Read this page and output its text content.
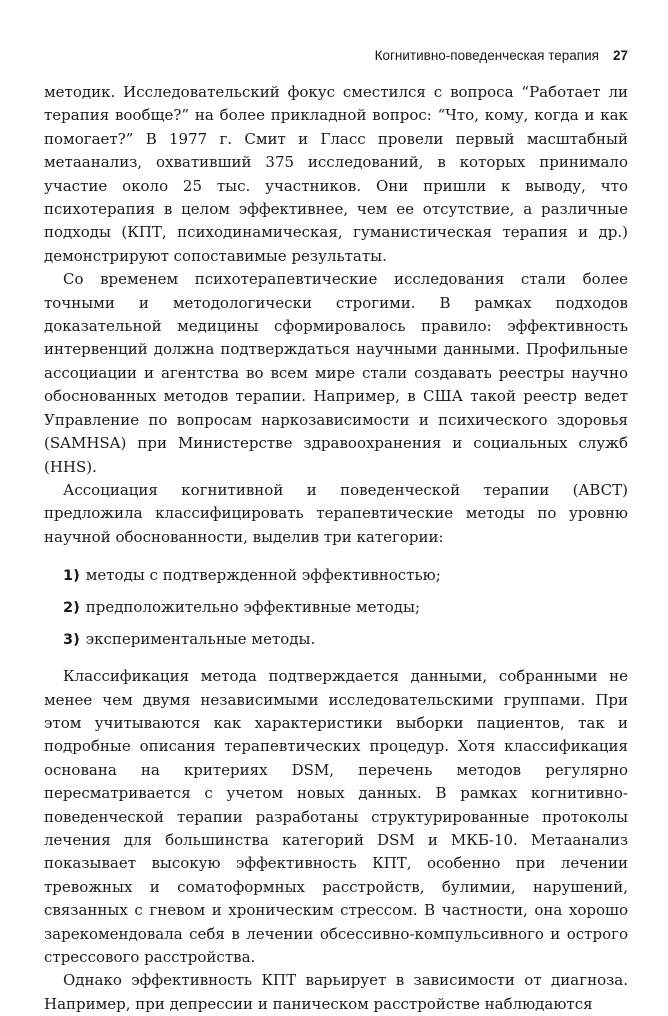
Когнитивно-поведенческая терапия 27

методик. Исследовательский фокус сместился с вопроса “Работает ли терапия вообще?” на более прикладной вопрос: “Что, кому, когда и как помогает?” В 1977 г. Смит и Гласс провели первый масштабный метаанализ, охвативший 375 исследований, в которых принимало участие около 25 тыс. участников. Они пришли к выводу, что психотерапия в целом эффективнее, чем ее отсутствие, а различные подходы (КПТ, психодинамическая, гуманистическая терапия и др.) демонстрируют сопоставимые результаты.

Со временем психотерапевтические исследования стали более точными и методологически строгими. В рамках подходов доказательной медицины сформировалось правило: эффективность интервенций должна подтверждаться научными данными. Профильные ассоциации и агентства во всем мире стали создавать реестры научно обоснованных методов терапии. Например, в США такой реестр ведет Управление по вопросам наркозависимости и психического здоровья (SAMHSA) при Министерстве здравоохранения и социальных служб (HHS).

Ассоциация когнитивной и поведенческой терапии (ABCT) предложила классифицировать терапевтические методы по уровню научной обоснованности, выделив три категории:

1) методы с подтвержденной эффективностью;
2) предположительно эффективные методы;
3) экспериментальные методы.

Классификация метода подтверждается данными, собранными не менее чем двумя независимыми исследовательскими группами. При этом учитываются как характеристики выборки пациентов, так и подробные описания терапевтических процедур. Хотя классификация основана на критериях DSM, перечень методов регулярно пересматривается с учетом новых данных. В рамках когнитивно-поведенческой терапии разработаны структурированные протоколы лечения для большинства категорий DSM и МКБ-10. Метаанализ показывает высокую эффективность КПТ, особенно при лечении тревожных и соматоформных расстройств, булимии, нарушений, связанных с гневом и хроническим стрессом. В частности, она хорошо зарекомендовала себя в лечении обсессивно-компульсивного и острого стрессового расстройства.

Однако эффективность КПТ варьирует в зависимости от диагноза. Например, при депрессии и паническом расстройстве наблюдаются
